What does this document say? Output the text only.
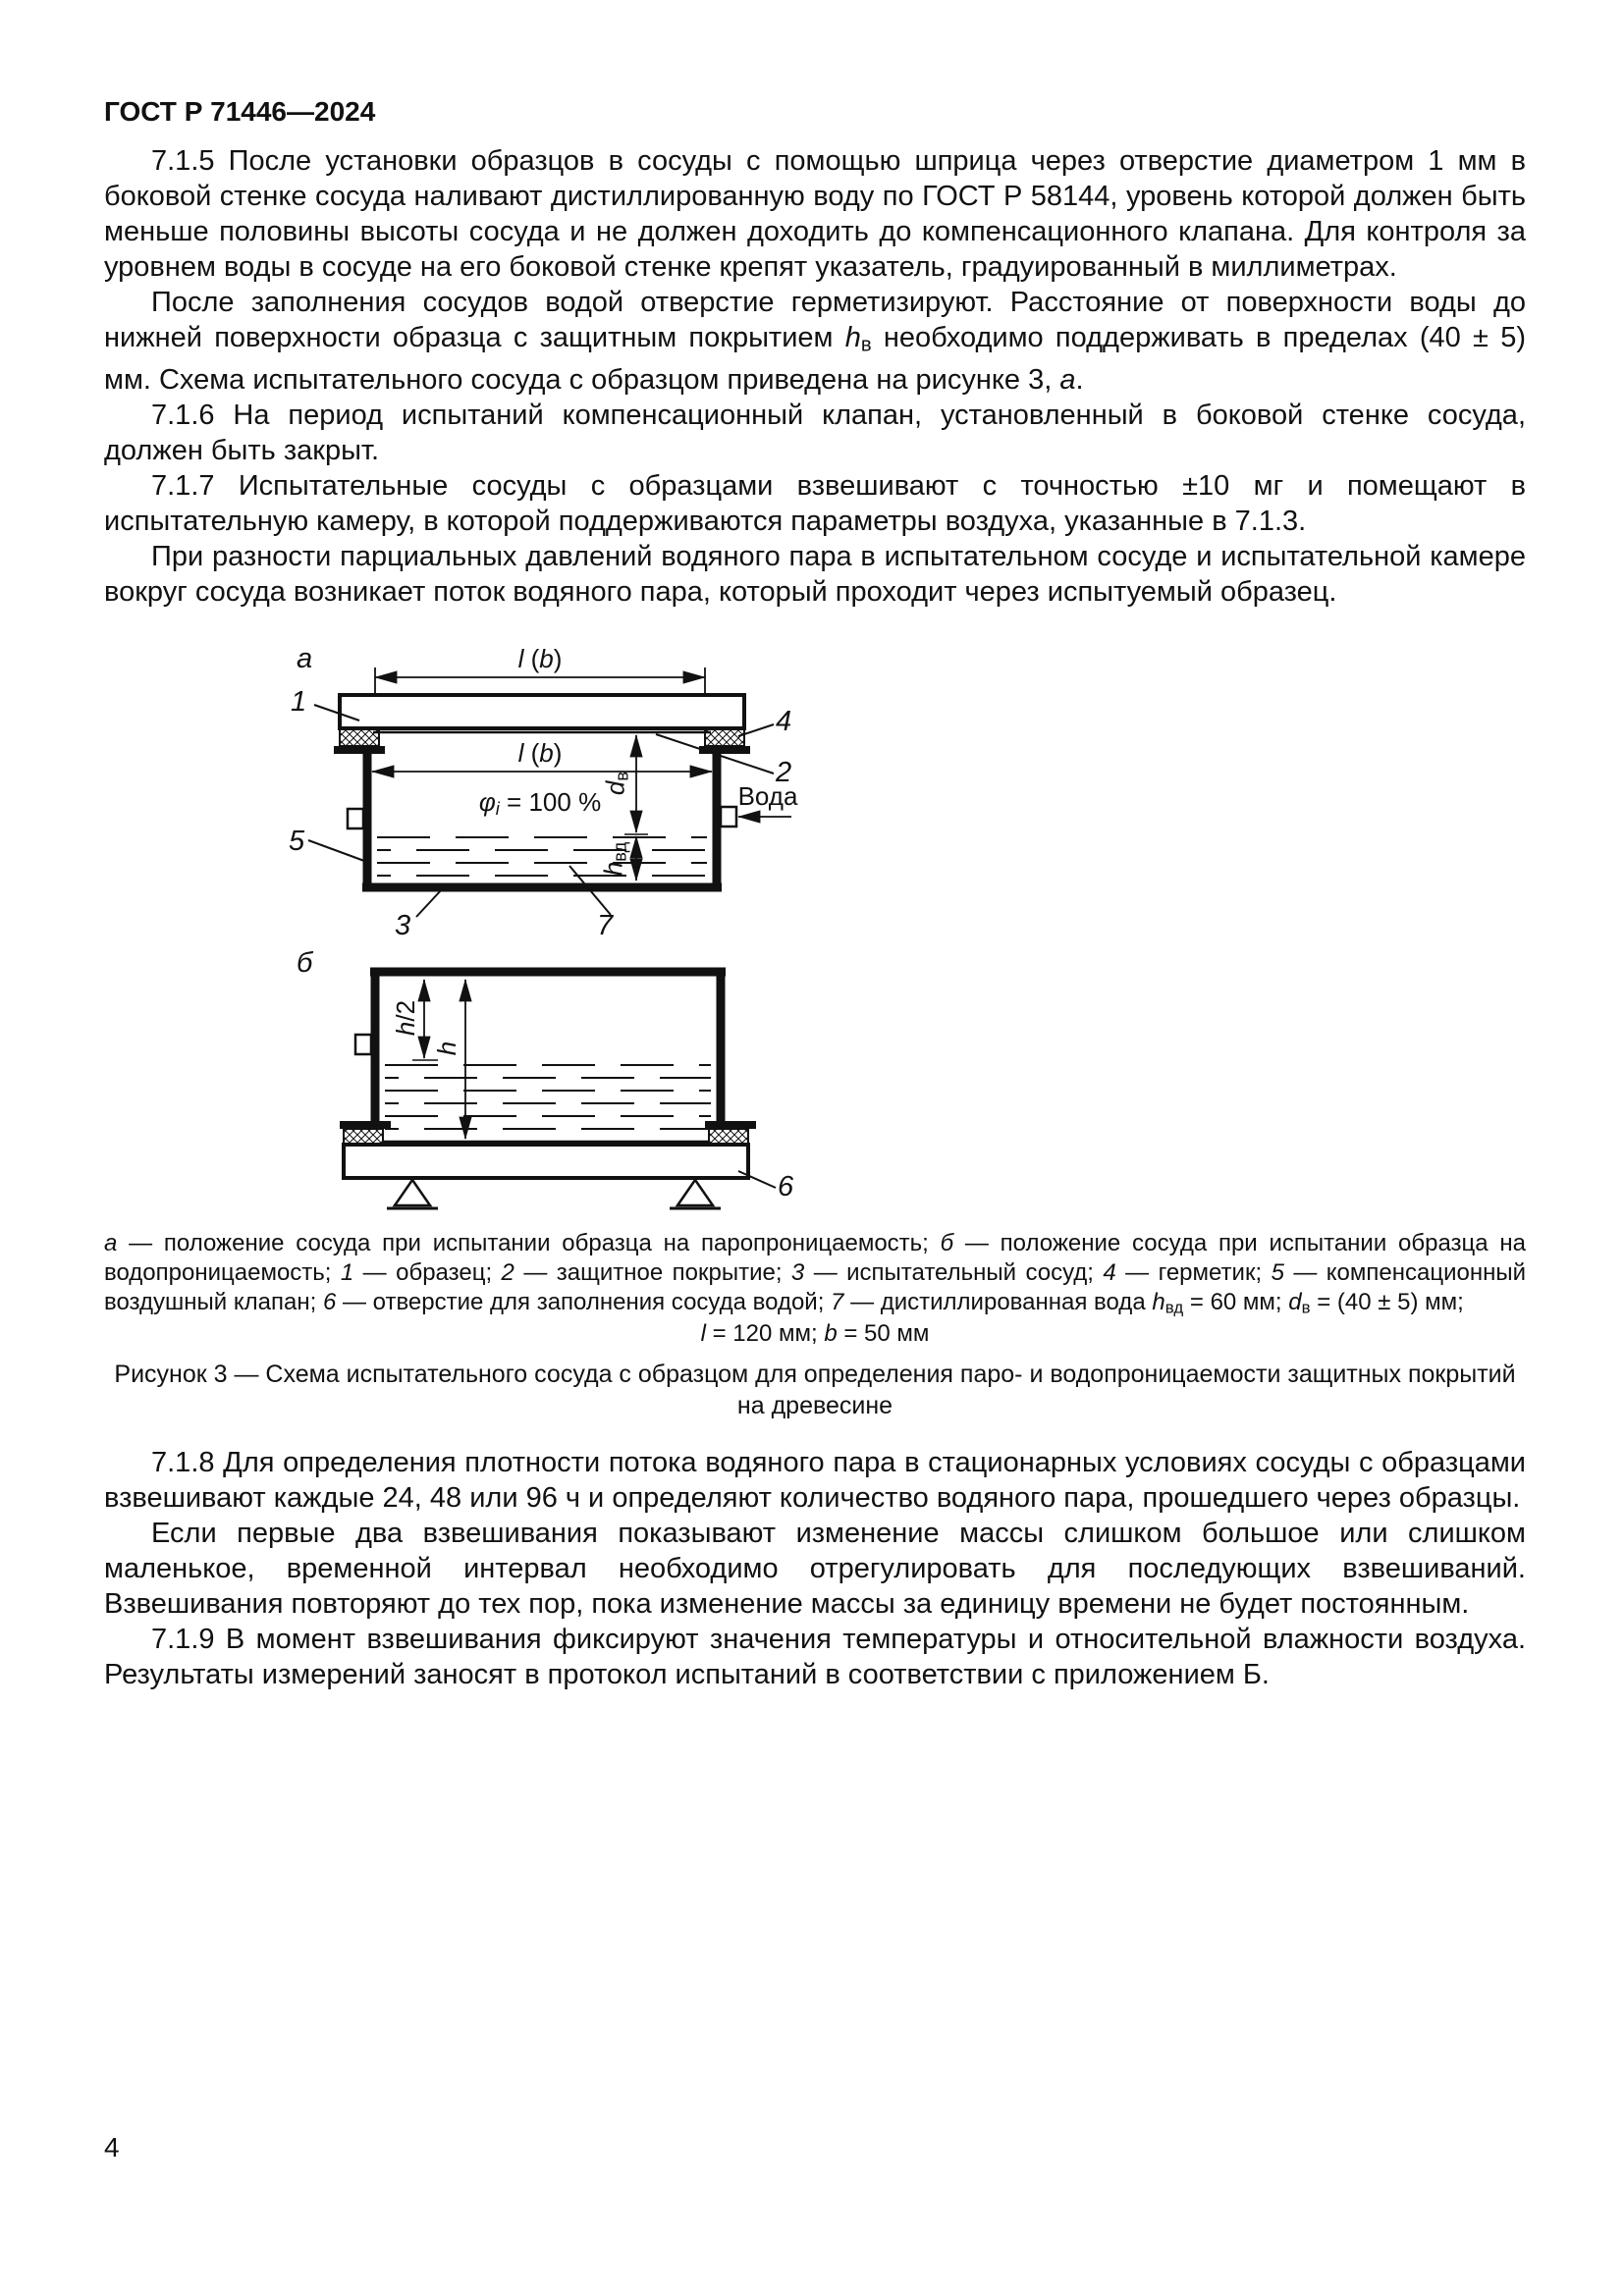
ГОСТ Р 71446—2024

7.1.5 После установки образцов в сосуды с помощью шприца через отверстие диаметром 1 мм в боковой стенке сосуда наливают дистиллированную воду по ГОСТ Р 58144, уровень которой должен быть меньше половины высоты сосуда и не должен доходить до компенсационного клапана. Для контроля за уровнем воды в сосуде на его боковой стенке крепят указатель, градуированный в миллиметрах.

После заполнения сосудов водой отверстие герметизируют. Расстояние от поверхности воды до нижней поверхности образца с защитным покрытием hв необходимо поддерживать в пределах (40 ± 5) мм. Схема испытательного сосуда с образцом приведена на рисунке 3, а.

7.1.6 На период испытаний компенсационный клапан, установленный в боковой стенке сосуда, должен быть закрыт.

7.1.7 Испытательные сосуды с образцами взвешивают с точностью ±10 мг и помещают в испытательную камеру, в которой поддерживаются параметры воздуха, указанные в 7.1.3.

При разности парциальных давлений водяного пара в испытательном сосуде и испытательной камере вокруг сосуда возникает поток водяного пара, который проходит через испытуемый образец.

а
б
l (b)
l (b)
φi = 100 % dв
hвд
Вода
h/2
h
1
4
2
5
3	7
6
а — положение сосуда при испытании образца на паропроницаемость; б — положение сосуда при испытании образца на водопроницаемость; 1 — образец; 2 — защитное покрытие; 3 — испытательный сосуд; 4 — герметик; 5 — компенсационный воздушный клапан; 6 — отверстие для заполнения сосуда водой; 7 — дистиллированная вода hвд = 60 мм; dв = (40 ± 5) мм;
l = 120 мм; b = 50 мм
Рисунок 3 — Схема испытательного сосуда с образцом для определения паро- и водопроницаемости защитных покрытий на древесине

7.1.8 Для определения плотности потока водяного пара в стационарных условиях сосуды с образцами взвешивают каждые 24, 48 или 96 ч и определяют количество водяного пара, прошедшего через образцы.

Если первые два взвешивания показывают изменение массы слишком большое или слишком маленькое, временной интервал необходимо отрегулировать для последующих взвешиваний. Взвешивания повторяют до тех пор, пока изменение массы за единицу времени не будет постоянным.

7.1.9 В момент взвешивания фиксируют значения температуры и относительной влажности воздуха. Результаты измерений заносят в протокол испытаний в соответствии с приложением Б.

4
